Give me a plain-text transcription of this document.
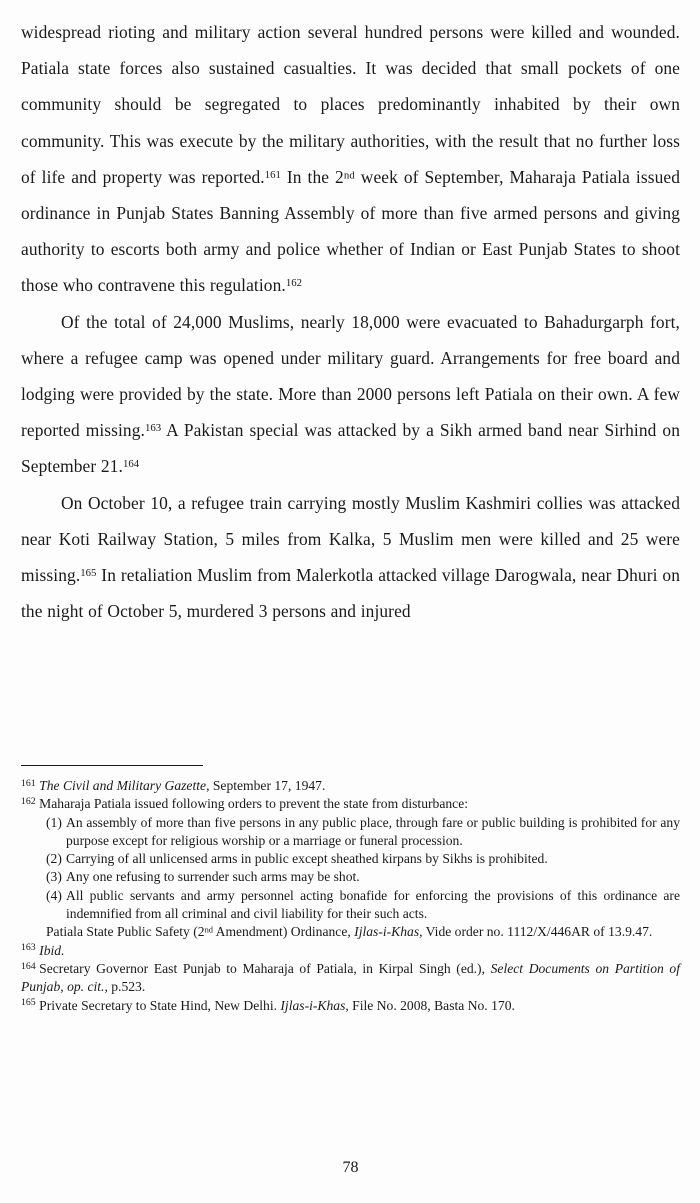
widespread rioting and military action several hundred persons were killed and wounded. Patiala state forces also sustained casualties. It was decided that small pockets of one community should be segregated to places predominantly inhabited by their own community. This was execute by the military authorities, with the result that no further loss of life and property was reported.$^{161}$ In the 2nd week of September, Maharaja Patiala issued ordinance in Punjab States Banning Assembly of more than five armed persons and giving authority to escorts both army and police whether of Indian or East Punjab States to shoot those who contravene this regulation.$^{162}$

Of the total of 24,000 Muslims, nearly 18,000 were evacuated to Bahadurgarph fort, where a refugee camp was opened under military guard. Arrangements for free board and lodging were provided by the state. More than 2000 persons left Patiala on their own. A few reported missing.$^{163}$ A Pakistan special was attacked by a Sikh armed band near Sirhind on September 21.$^{164}$

On October 10, a refugee train carrying mostly Muslim Kashmiri collies was attacked near Koti Railway Station, 5 miles from Kalka, 5 Muslim men were killed and 25 were missing.$^{165}$ In retaliation Muslim from Malerkotla attacked village Darogwala, near Dhuri on the night of October 5, murdered 3 persons and injured

$^{161}$ The Civil and Military Gazette, September 17, 1947.

$^{162}$ Maharaja Patiala issued following orders to prevent the state from disturbance:

(1) An assembly of more than five persons in any public place, through fare or public building is prohibited for any purpose except for religious worship or a marriage or funeral procession.

(2) Carrying of all unlicensed arms in public except sheathed kirpans by Sikhs is prohibited.

(3) Any one refusing to surrender such arms may be shot.

(4) All public servants and army personnel acting bonafide for enforcing the provisions of this ordinance are indemnified from all criminal and civil liability for their such acts.

Patiala State Public Safety (2nd Amendment) Ordinance, Ijlas-i-Khas, Vide order no. 1112/X/446AR of 13.9.47.

$^{163}$ Ibid.

$^{164}$ Secretary Governor East Punjab to Maharaja of Patiala, in Kirpal Singh (ed.), Select Documents on Partition of Punjab, op. cit., p.523.

$^{165}$ Private Secretary to State Hind, New Delhi. Ijlas-i-Khas, File No. 2008, Basta No. 170.

78
